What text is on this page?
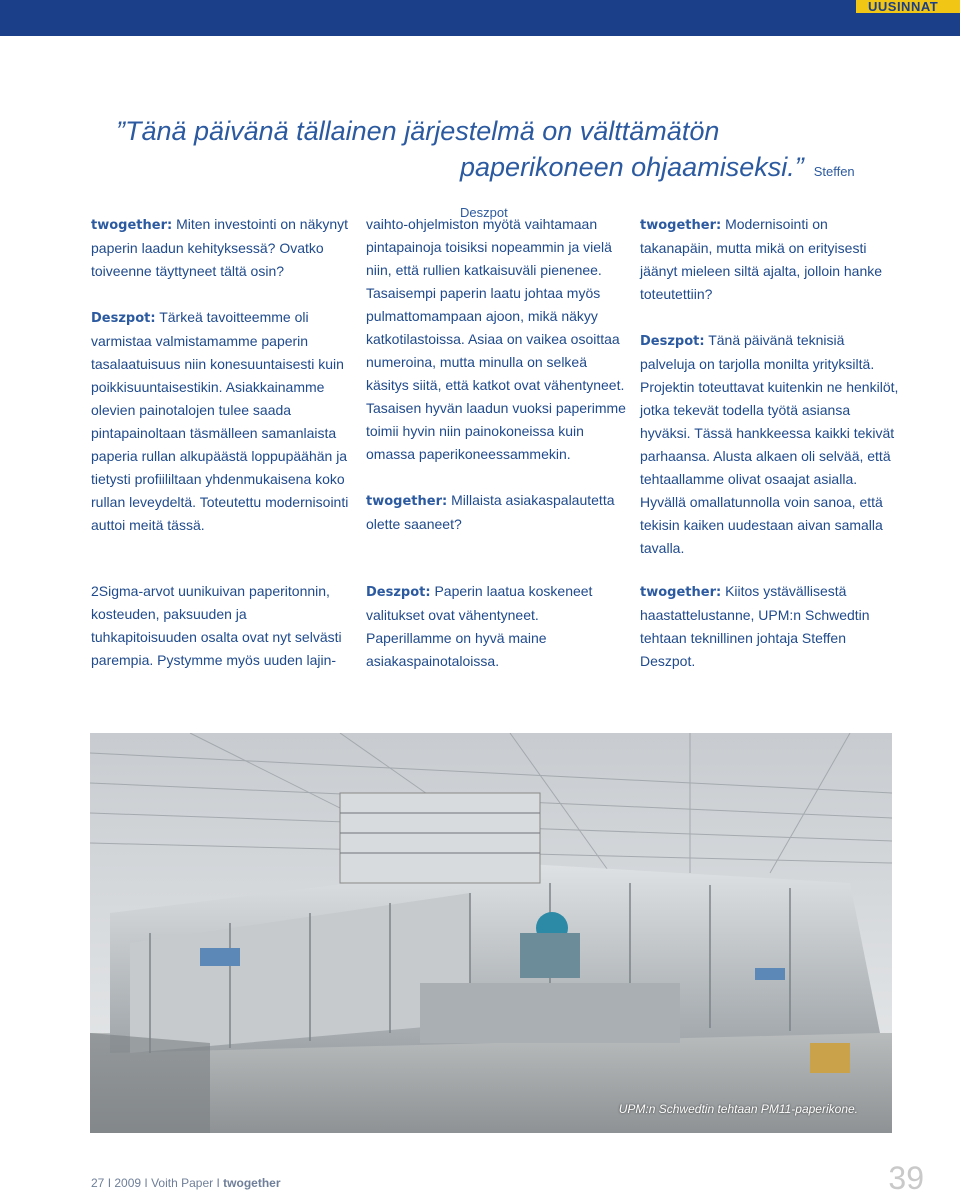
UUSINNAT
”Tänä päivänä tällainen järjestelmä on välttämätön
paperikoneen ohjaamiseksi.” Steffen Deszpot

twogether: Miten investointi on näkynyt paperin laadun kehityksessä? Ovatko toiveenne täyttyneet tältä osin?

Deszpot: Tärkeä tavoitteemme oli varmistaa valmistamamme paperin tasalaatuisuus niin konesuuntaisesti kuin poikkisuuntaisestikin. Asiakkainamme olevien painotalojen tulee saada pintapainoltaan täsmälleen samanlaista paperia rullan alkupäästä loppupäähän ja tietysti profiililtaan yhdenmukaisena koko rullan leveydeltä. Toteutettu modernisointi auttoi meitä tässä.

2Sigma-arvot uunikuivan paperitonnin, kosteuden, paksuuden ja tuhkapitoisuuden osalta ovat nyt selvästi parempia. Pystymme myös uuden lajin-

vaihto-ohjelmiston myötä vaihtamaan pintapainoja toisiksi nopeammin ja vielä niin, että rullien katkaisuväli pienenee. Tasaisempi paperin laatu johtaa myös pulmattomampaan ajoon, mikä näkyy katkotilastoissa. Asiaa on vaikea osoittaa numeroina, mutta minulla on selkeä käsitys siitä, että katkot ovat vähentyneet. Tasaisen hyvän laadun vuoksi paperimme toimii hyvin niin painokoneissa kuin omassa paperikoneessammekin.

twogether: Millaista asiakaspalautetta olette saaneet?

Deszpot: Paperin laatua koskeneet valitukset ovat vähentyneet. Paperillamme on hyvä maine asiakaspainotaloissa.

twogether: Modernisointi on takanapäin, mutta mikä on erityisesti jäänyt mieleen siltä ajalta, jolloin hanke toteutettiin?

Deszpot: Tänä päivänä teknisiä palveluja on tarjolla monilta yrityksiltä. Projektin toteuttavat kuitenkin ne henkilöt, jotka tekevät todella työtä asiansa hyväksi. Tässä hankkeessa kaikki tekivät parhaansa. Alusta alkaen oli selvää, että tehtaallamme olivat osaajat asialla. Hyvällä omallatunnolla voin sanoa, että tekisin kaiken uudestaan aivan samalla tavalla.

twogether: Kiitos ystävällisestä haastattelustanne, UPM:n Schwedtin tehtaan teknillinen johtaja Steffen Deszpot.

UPM:n Schwedtin tehtaan PM11-paperikone.
27 I 2009 I Voith Paper I twogether	39
